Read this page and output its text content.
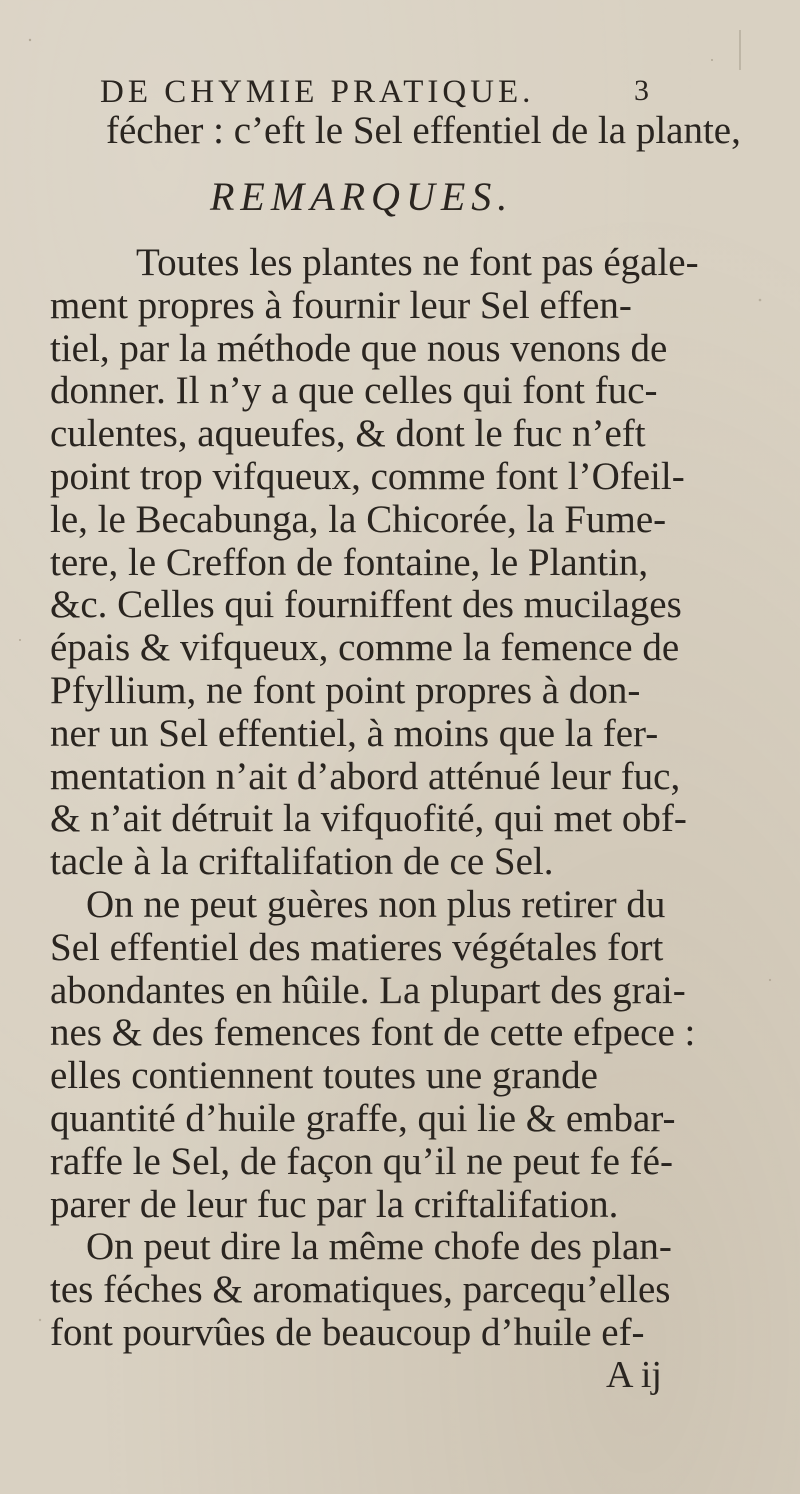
DE CHYMIE PRATIQUE.	3
fécher : c’eft le Sel effentiel de la plante,
REMARQUES.
Toutes les plantes ne font pas égale-
ment propres à fournir leur Sel effen-
tiel, par la méthode que nous venons de
donner. Il n’y a que celles qui font fuc-
culentes, aqueufes, & dont le fuc n’eft
point trop vifqueux, comme font l’Ofeil-
le, le Becabunga, la Chicorée, la Fume-
tere, le Creffon de fontaine, le Plantin,
&c. Celles qui fourniffent des mucilages
épais & vifqueux, comme la femence de
Pfyllium, ne font point propres à don-
ner un Sel effentiel, à moins que la fer-
mentation n’ait d’abord atténué leur fuc,
& n’ait détruit la vifquofité, qui met obf-
tacle à la criftalifation de ce Sel.
On ne peut guères non plus retirer du
Sel effentiel des matieres végétales fort
abondantes en hûile. La plupart des grai-
nes & des femences font de cette efpece :
elles contiennent toutes une grande
quantité d’huile graffe, qui lie & embar-
raffe le Sel, de façon qu’il ne peut fe fé-
parer de leur fuc par la criftalifation.
On peut dire la même chofe des plan-
tes féches & aromatiques, parcequ’elles
font pourvûes de beaucoup d’huile ef-
A ij
